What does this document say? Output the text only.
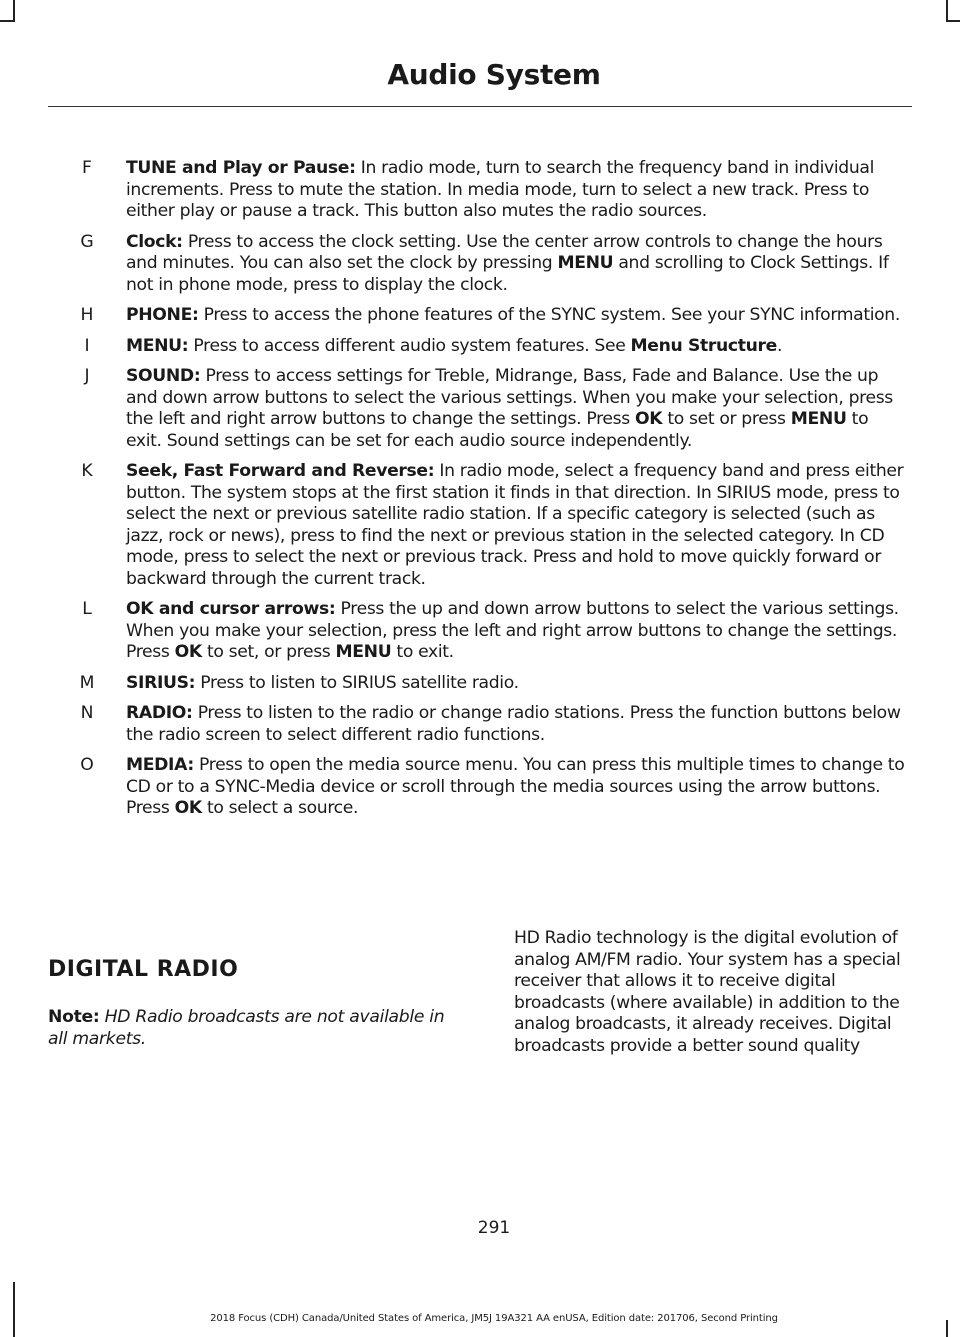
Audio System
F	TUNE and Play or Pause: In radio mode, turn to search the frequency band in individual increments. Press to mute the station. In media mode, turn to select a new track. Press to either play or pause a track. This button also mutes the radio sources.
G	Clock: Press to access the clock setting. Use the center arrow controls to change the hours and minutes. You can also set the clock by pressing MENU and scrolling to Clock Settings. If not in phone mode, press to display the clock.
H	PHONE: Press to access the phone features of the SYNC system. See your SYNC information.
I	MENU: Press to access different audio system features. See Menu Structure.
J	SOUND: Press to access settings for Treble, Midrange, Bass, Fade and Balance. Use the up and down arrow buttons to select the various settings. When you make your selection, press the left and right arrow buttons to change the settings. Press OK to set or press MENU to exit. Sound settings can be set for each audio source independently.
K	Seek, Fast Forward and Reverse: In radio mode, select a frequency band and press either button. The system stops at the first station it finds in that direction. In SIRIUS mode, press to select the next or previous satellite radio station. If a specific category is selected (such as jazz, rock or news), press to find the next or previous station in the selected category. In CD mode, press to select the next or previous track. Press and hold to move quickly forward or backward through the current track.
L	OK and cursor arrows: Press the up and down arrow buttons to select the various settings. When you make your selection, press the left and right arrow buttons to change the settings. Press OK to set, or press MENU to exit.
M	SIRIUS: Press to listen to SIRIUS satellite radio.
N	RADIO: Press to listen to the radio or change radio stations. Press the function buttons below the radio screen to select different radio functions.
O	MEDIA: Press to open the media source menu. You can press this multiple times to change to CD or to a SYNC-Media device or scroll through the media sources using the arrow buttons. Press OK to select a source.
DIGITAL RADIO
Note: HD Radio broadcasts are not available in all markets.
HD Radio technology is the digital evolution of analog AM/FM radio. Your system has a special receiver that allows it to receive digital broadcasts (where available) in addition to the analog broadcasts, it already receives. Digital broadcasts provide a better sound quality
291
2018 Focus (CDH) Canada/United States of America, JM5J 19A321 AA enUSA, Edition date: 201706, Second Printing
